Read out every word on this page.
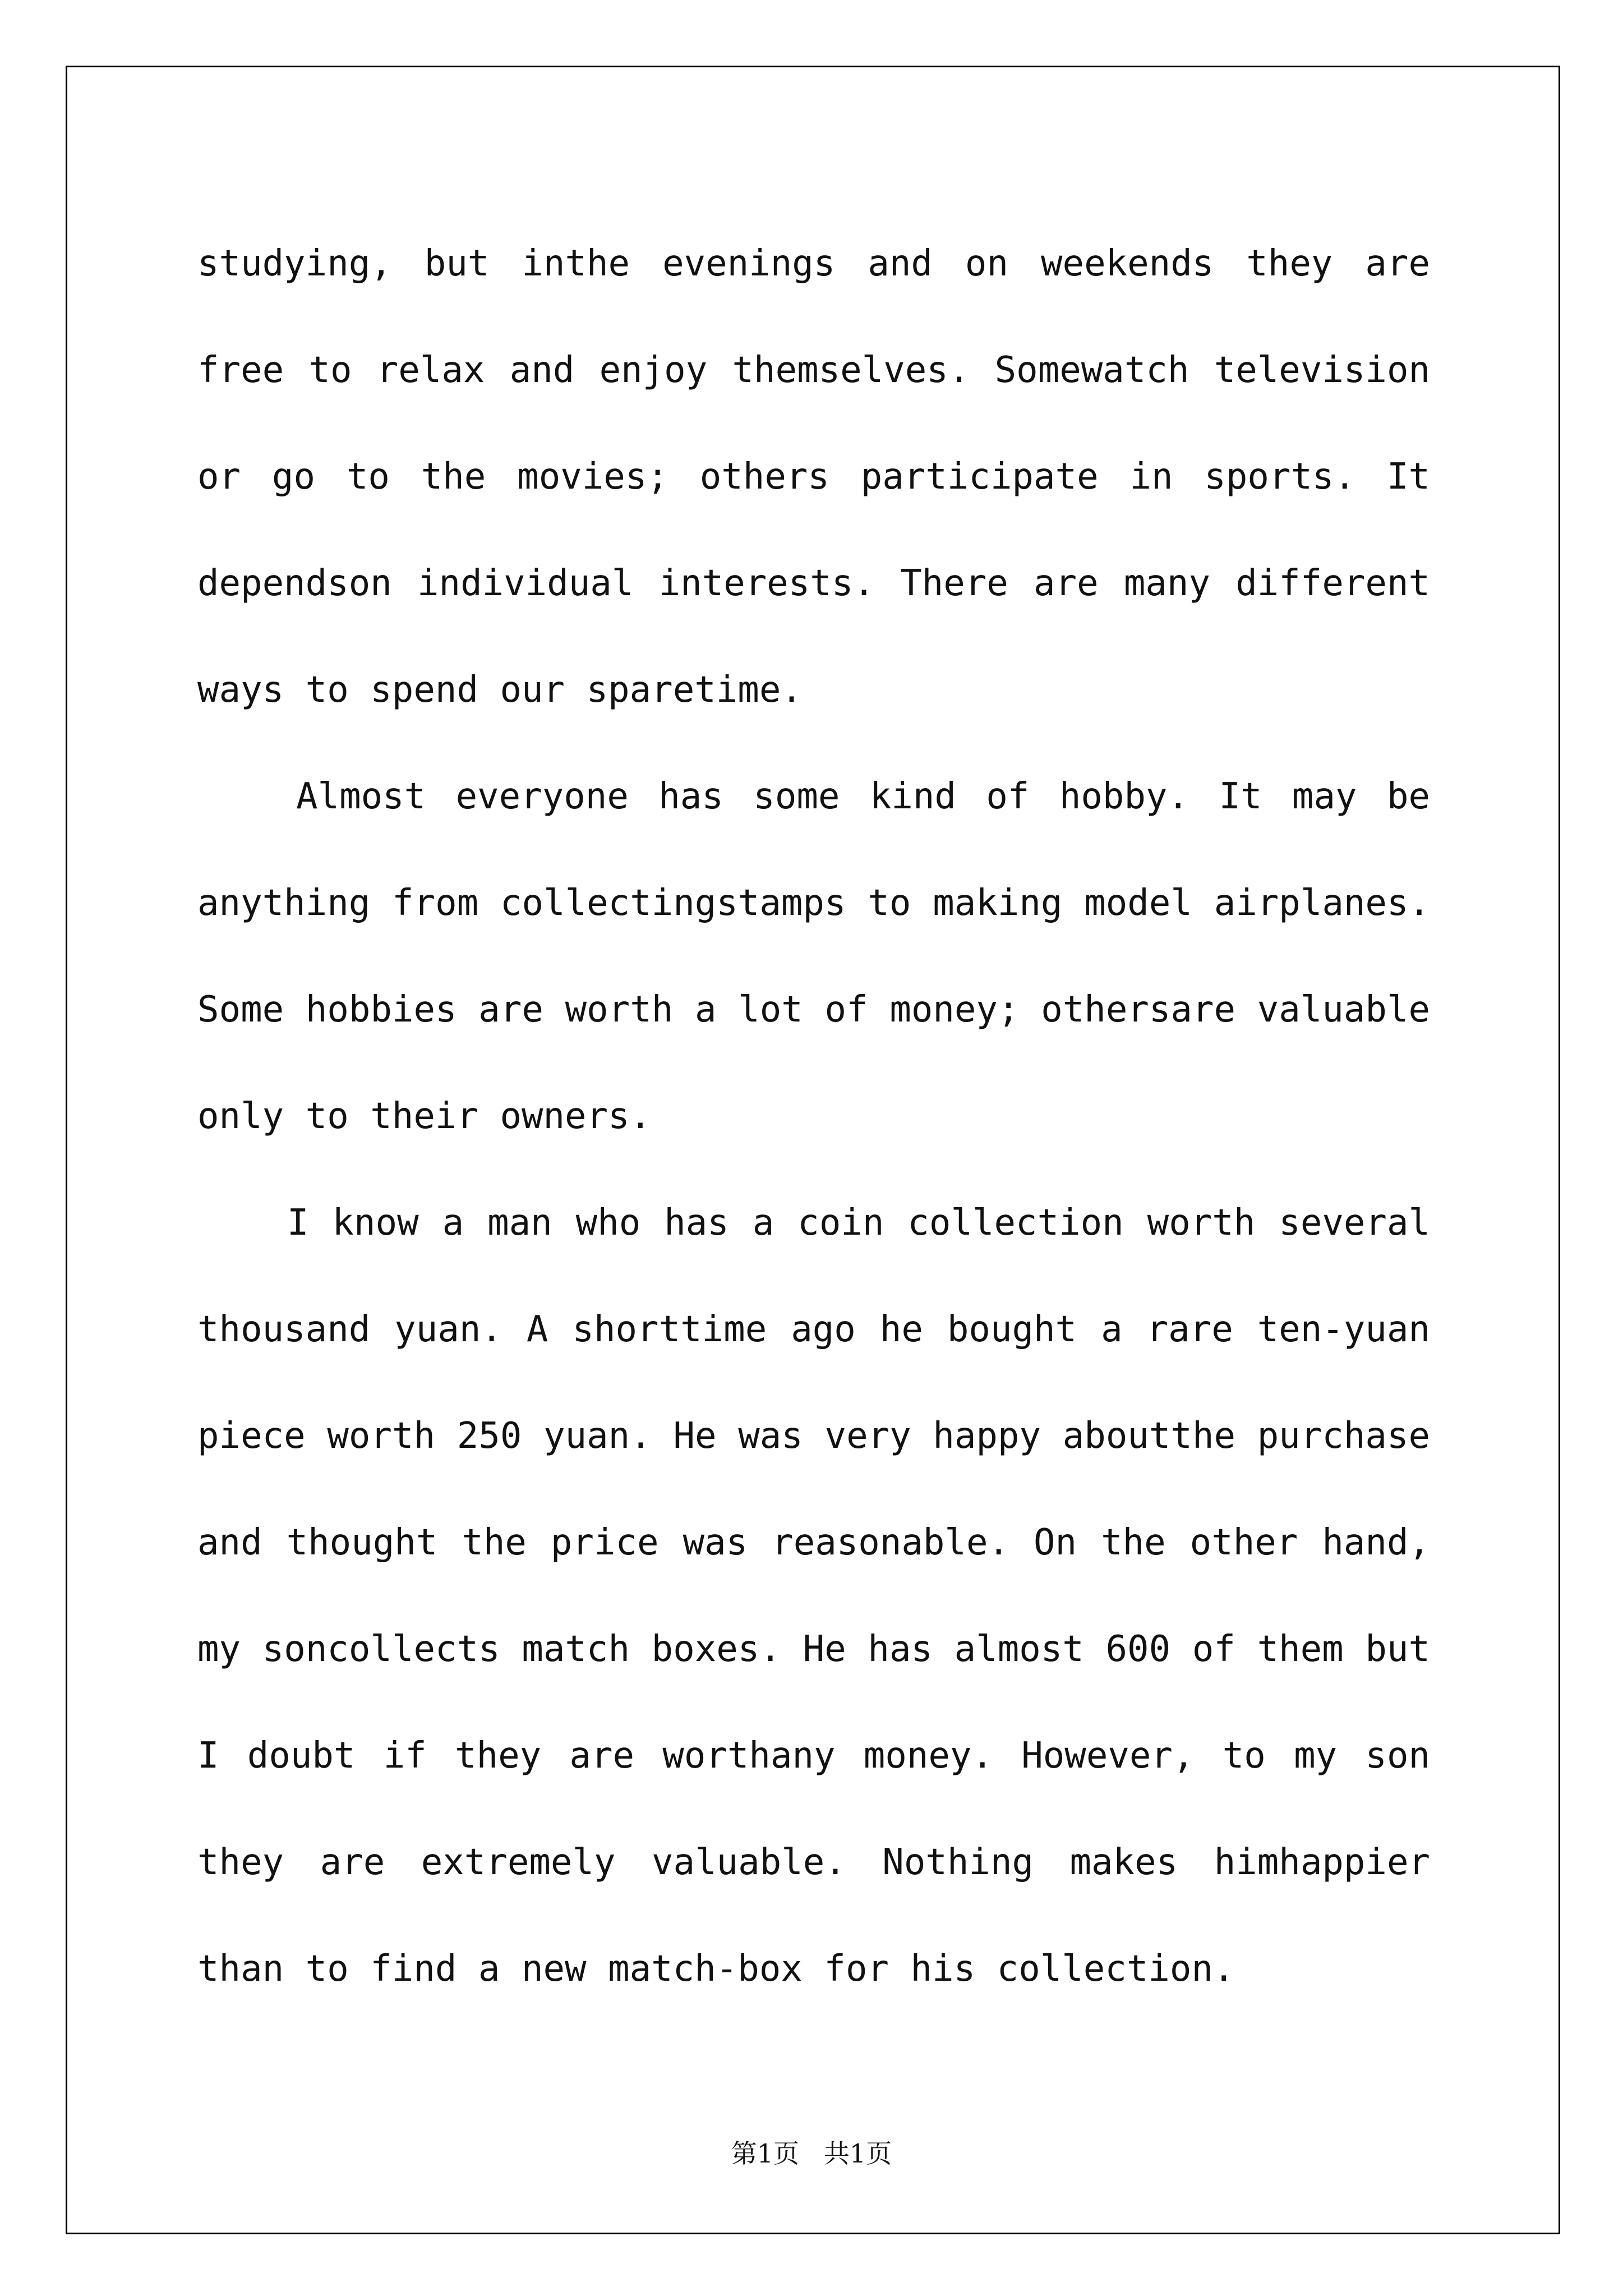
studying, but inthe evenings and on weekends they are free to relax and enjoy themselves. Somewatch television or go to the movies; others participate in sports. It dependson individual interests. There are many different ways to spend our sparetime.

Almost everyone has some kind of hobby. It may be anything from collectingstamps to making model airplanes. Some hobbies are worth a lot of money; othersare valuable only to their owners.

I know a man who has a coin collection worth several thousand yuan. A shorttime ago he bought a rare ten-yuan piece worth 250 yuan. He was very happy aboutthe purchase and thought the price was reasonable. On the other hand, my soncollects match boxes. He has almost 600 of them but I doubt if they are worthany money. However, to my son they are extremely valuable. Nothing makes himhappier than to find a new match-box for his collection.

第1页   共1页
